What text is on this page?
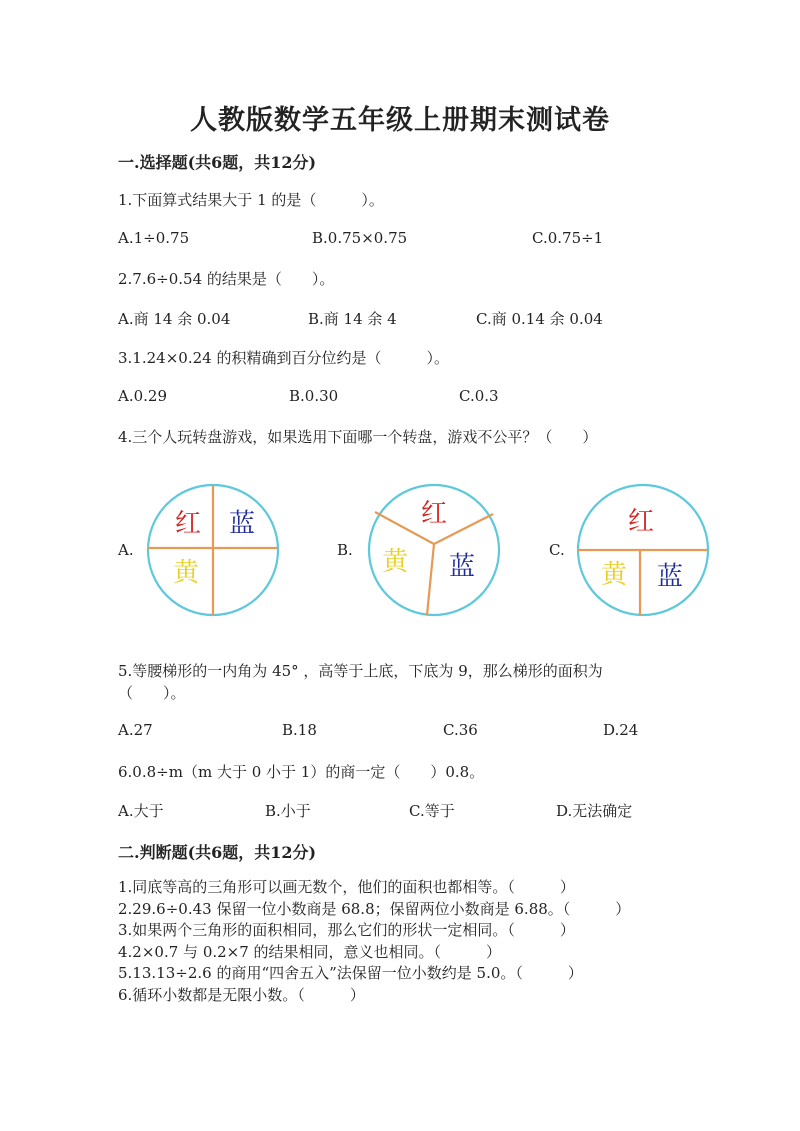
人教版数学五年级上册期末测试卷
一.选择题(共6题，共12分)
1.下面算式结果大于 1 的是（　　　）。
A.1÷0.75	B.0.75×0.75	C.0.75÷1
2.7.6÷0.54 的结果是（　　）。
A.商 14 余 0.04	B.商 14 余 4	C.商 0.14 余 0.04
3.1.24×0.24 的积精确到百分位约是（　　　）。
A.0.29	B.0.30	C.0.3
4.三个人玩转盘游戏，如果选用下面哪一个转盘，游戏不公平？（　　）
A.	B.	C.
红 蓝
黄
红
黄 蓝
红
黄 蓝
5.等腰梯形的一内角为 45° ，高等于上底，下底为 9，那么梯形的面积为
（　　）。
A.27	B.18	C.36	D.24
6.0.8÷m（m 大于 0 小于 1）的商一定（　　）0.8。
A.大于	B.小于	C.等于	D.无法确定
二.判断题(共6题，共12分)
1.同底等高的三角形可以画无数个，他们的面积也都相等。（　　　）
2.29.6÷0.43 保留一位小数商是 68.8；保留两位小数商是 6.88。（　　　）
3.如果两个三角形的面积相同，那么它们的形状一定相同。（　　　）
4.2×0.7 与 0.2×7 的结果相同，意义也相同。（　　　）
5.13.13÷2.6 的商用“四舍五入”法保留一位小数约是 5.0。（　　　）
6.循环小数都是无限小数。（　　　）
